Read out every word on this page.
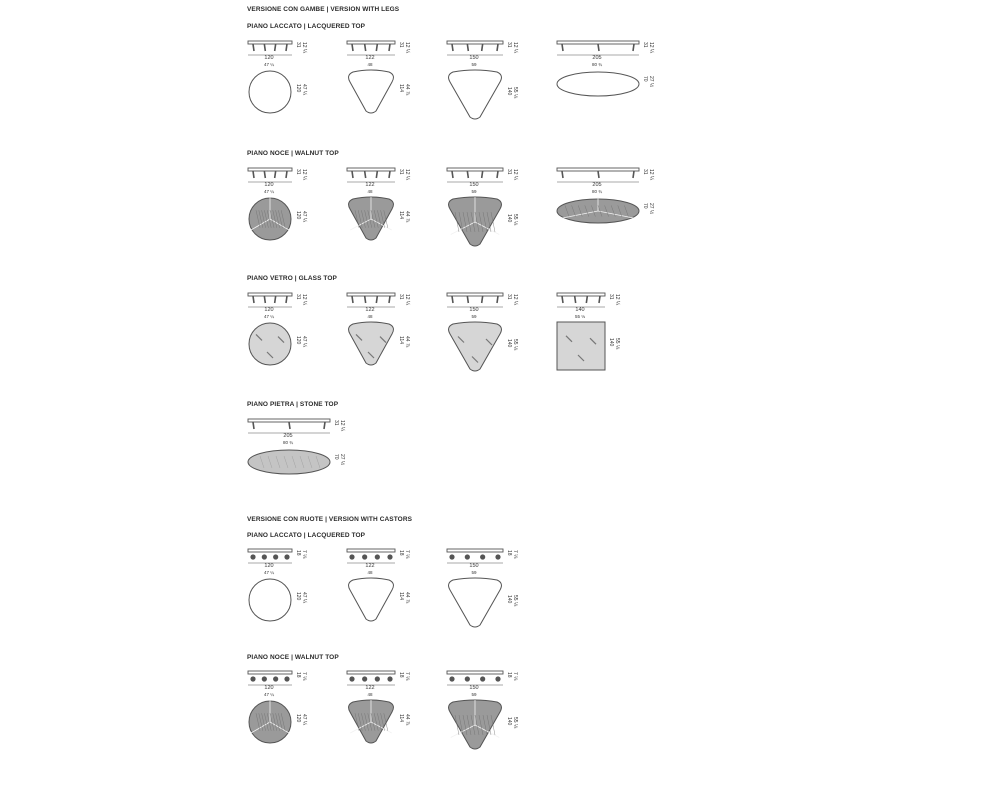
VERSIONE CON GAMBE | VERSION WITH LEGS
PIANO LACCATO | LACQUERED TOP
31 12 ¼
120
47 ¼
120 47 ¼
31 12 ¼
122
48
114 44 ⅞
31 12 ¼
150
59
140 55 ⅛
31 12 ¼
205
80 ¾
70 27 ½
PIANO NOCE | WALNUT TOP
31 12 ¼
120
47 ¼
120 47 ¼
31 12 ¼
122
48
114 44 ⅞
31 12 ¼
150
59
140 55 ⅛
31 12 ¼
205
80 ¾
70 27 ½
PIANO VETRO | GLASS TOP
31 12 ¼
120
47 ¼
120 47 ¼
31 12 ¼
122
48
114 44 ⅞
31 12 ¼
150
59
140 55 ⅛
31 12 ¼
140
55 ⅛
140 55 ⅛
PIANO PIETRA | STONE TOP
31 12 ¼
205
80 ¾
70 27 ½
VERSIONE CON RUOTE | VERSION WITH CASTORS
PIANO LACCATO | LACQUERED TOP
18 7 ⅛
120
47 ¼
120 47 ¼
18 7 ⅛
122
48
114 44 ⅞
18 7 ⅛
150
59
140 55 ⅛
PIANO NOCE | WALNUT TOP
18 7 ⅛
120
47 ¼
120 47 ¼
18 7 ⅛
122
48
114 44 ⅞
18 7 ⅛
150
59
140 55 ⅛
